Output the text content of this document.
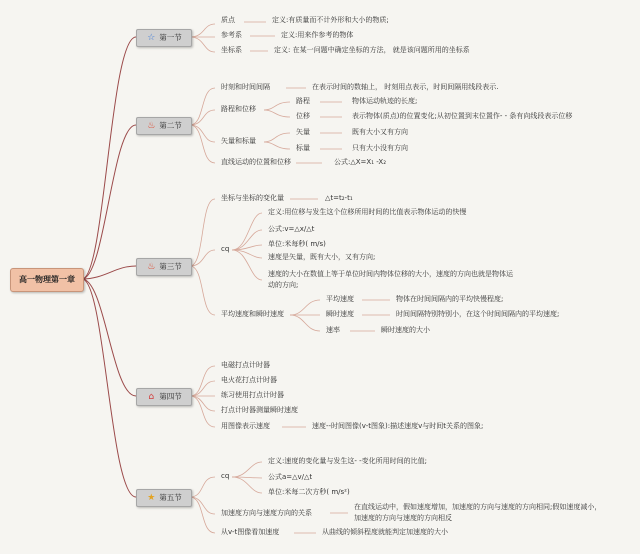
高一物理第一章
☆ 第一节
质点	定义:有质量而不计外形和大小的物质;
参考系	定义:用来作参考的物体
坐标系	定义: 在某一问题中确定坐标的方法， 就是该问题所用的坐标系
♨ 第二节
时刻和时间间隔	在表示时间的数轴上， 时刻用点表示，时间间隔用线段表示.
路程和位移
路程	物体运动轨迹的长度;
位移	表示物体(质点)的位置变化;从初位置到末位置作- - 条有向线段表示位移
矢量和标量
矢量	既有大小又有方向
标量	只有大小没有方向
直线运动的位置和位移	公式:△X=X₁ -X₂
♨ 第三节
坐标与坐标的变化量	△t=t₂-t₁
cq
定义:用位移与发生这个位移所用时间的比值表示物体运动的快慢
公式:v=△x/△t
单位:米每秒( m/s)
速度是矢量，既有大小，又有方向;
速度的大小在数值上等于单位时间内物体位移的大小，速度的方向也就是物体运
动的方向;
平均速度和瞬时速度
平均速度	物体在时间间隔内的平均快慢程度;
瞬时速度	时间间隔特别特别小，在这个时间间隔内的平均速度;
速率	瞬时速度的大小
⌂ 第四节
电磁打点计时器
电火花打点计时器
练习使用打点计时器
打点计时器测量瞬时速度
用图像表示速度	速度--时间图像(v-t图象):描述速度v与时间t关系的图象;
★ 第五节
cq
定义:速度的变化量与发生这- -变化所用时间的比值;
公式a=△v/△t
单位:米每二次方秒( m/s²)
加速度方向与速度方向的关系
在直线运动中，假如速度增加，加速度的方向与速度的方向相同;假如速度减小，
加速度的方向与速度的方向相反
从v-t图像看加速度	从曲线的倾斜程度就能判定加速度的大小
